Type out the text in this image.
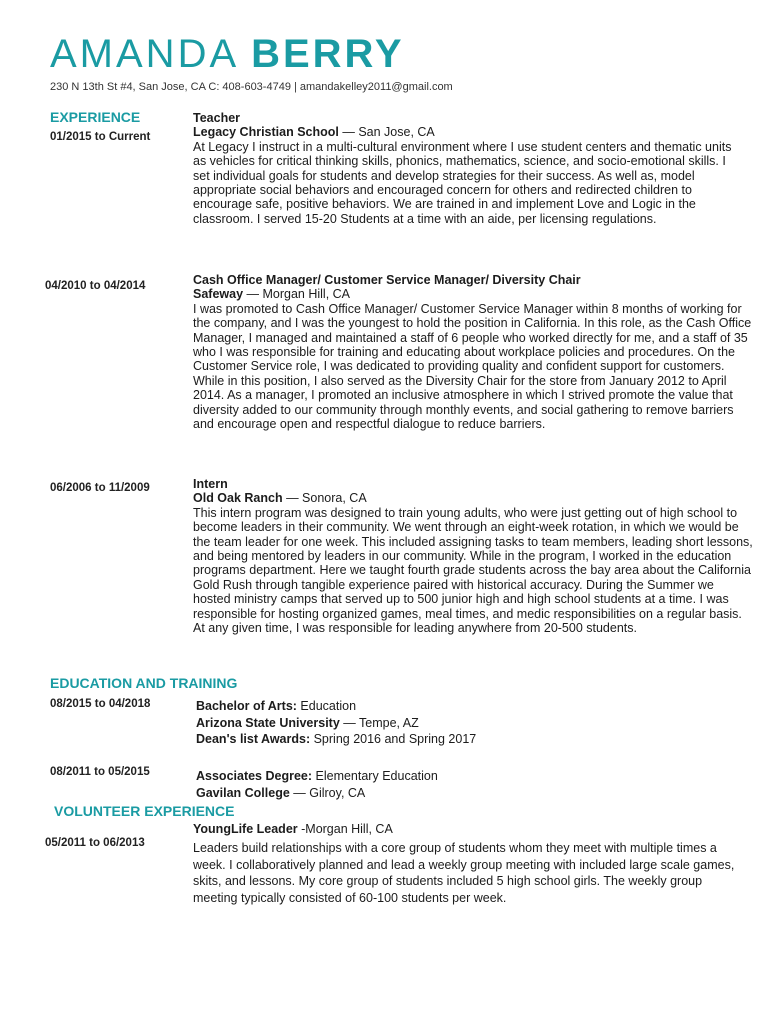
AMANDA BERRY
230 N 13th St #4, San Jose, CA C: 408-603-4749 | amandakelley2011@gmail.com
EXPERIENCE
01/2015 to Current
Teacher
Legacy Christian School — San Jose, CA
At Legacy I instruct in a multi-cultural environment where I use student centers and thematic units as vehicles for critical thinking skills, phonics, mathematics, science, and socio-emotional skills. I set individual goals for students and develop strategies for their success. As well as, model appropriate social behaviors and encouraged concern for others and redirected children to encourage safe, positive behaviors. We are trained in and implement Love and Logic in the classroom. I served 15-20 Students at a time with an aide, per licensing regulations.
04/2010 to 04/2014	Cash Office Manager/ Customer Service Manager/ Diversity Chair
Safeway — Morgan Hill, CA
I was promoted to Cash Office Manager/ Customer Service Manager within 8 months of working for the company, and I was the youngest to hold the position in California. In this role, as the Cash Office Manager, I managed and maintained a staff of 6 people who worked directly for me, and a staff of 35 who I was responsible for training and educating about workplace policies and procedures. On the Customer Service role, I was dedicated to providing quality and confident support for customers. While in this position, I also served as the Diversity Chair for the store from January 2012 to April 2014. As a manager, I promoted an inclusive atmosphere in which I strived promote the value that diversity added to our community through monthly events, and social gathering to remove barriers and encourage open and respectful dialogue to reduce barriers.
06/2006 to 11/2009	Intern
Old Oak Ranch — Sonora, CA
This intern program was designed to train young adults, who were just getting out of high school to become leaders in their community. We went through an eight-week rotation, in which we would be the team leader for one week. This included assigning tasks to team members, leading short lessons, and being mentored by leaders in our community. While in the program, I worked in the education programs department. Here we taught fourth grade students across the bay area about the California Gold Rush through tangible experience paired with historical accuracy. During the Summer we hosted ministry camps that served up to 500 junior high and high school students at a time. I was responsible for hosting organized games, meal times, and medic responsibilities on a regular basis. At any given time, I was responsible for leading anywhere from 20-500 students.
EDUCATION AND TRAINING
08/2015 to 04/2018	Bachelor of Arts: Education
Arizona State University — Tempe, AZ
Dean's list Awards: Spring 2016 and Spring 2017
08/2011 to 05/2015	Associates Degree: Elementary Education
Gavilan College — Gilroy, CA
VOLUNTEER EXPERIENCE
05/2011 to 06/2013
YoungLife Leader -Morgan Hill, CA
Leaders build relationships with a core group of students whom they meet with multiple times a week. I collaboratively planned and lead a weekly group meeting with included large scale games, skits, and lessons. My core group of students included 5 high school girls. The weekly group meeting typically consisted of 60-100 students per week.
